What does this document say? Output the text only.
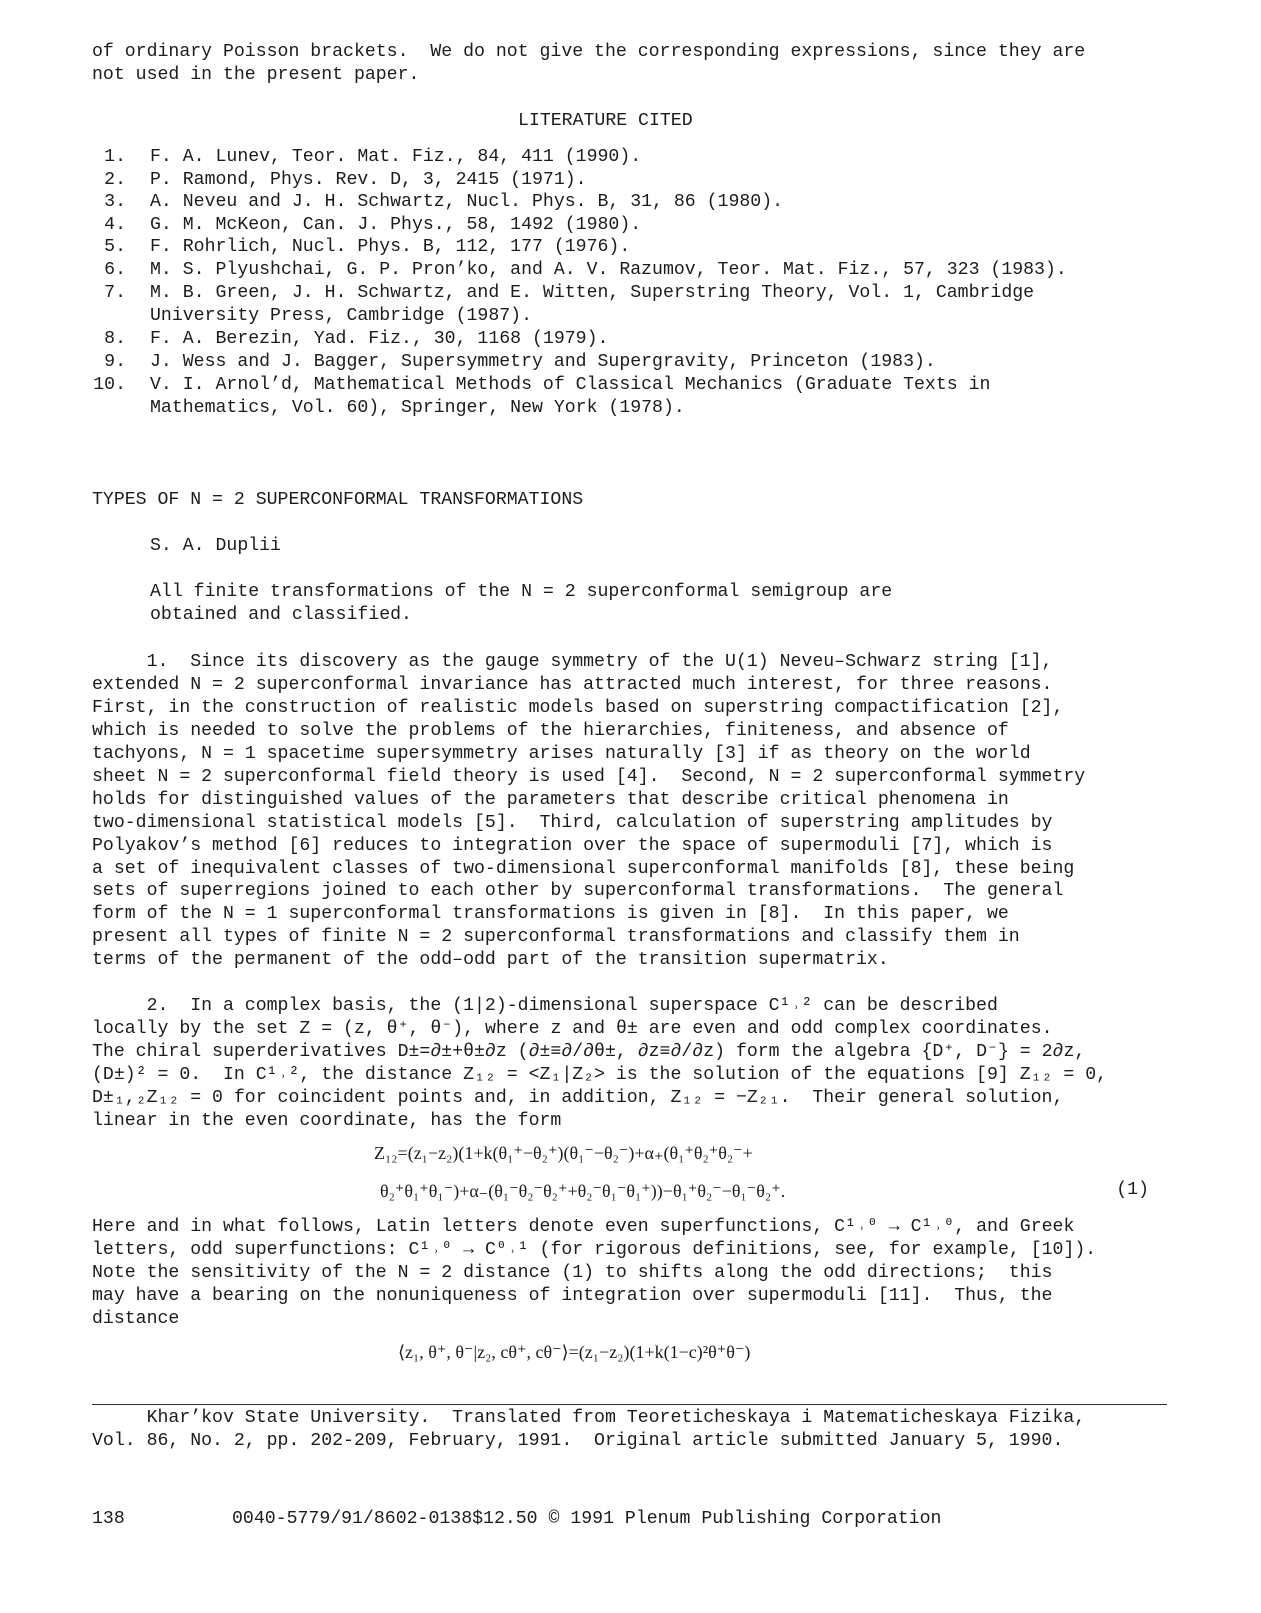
of ordinary Poisson brackets.  We do not give the corresponding expressions, since they are
not used in the present paper.
LITERATURE CITED
1. F. A. Lunev, Teor. Mat. Fiz., 84, 411 (1990).
2. P. Ramond, Phys. Rev. D, 3, 2415 (1971).
3. A. Neveu and J. H. Schwartz, Nucl. Phys. B, 31, 86 (1980).
4. G. M. McKeon, Can. J. Phys., 58, 1492 (1980).
5. F. Rohrlich, Nucl. Phys. B, 112, 177 (1976).
6. M. S. Plyushchai, G. P. Pron’ko, and A. V. Razumov, Teor. Mat. Fiz., 57, 323 (1983).
7. M. B. Green, J. H. Schwartz, and E. Witten, Superstring Theory, Vol. 1, Cambridge
University Press, Cambridge (1987).
8. F. A. Berezin, Yad. Fiz., 30, 1168 (1979).
9. J. Wess and J. Bagger, Supersymmetry and Supergravity, Princeton (1983).
10. V. I. Arnol’d, Mathematical Methods of Classical Mechanics (Graduate Texts in
Mathematics, Vol. 60), Springer, New York (1978).
TYPES OF N = 2 SUPERCONFORMAL TRANSFORMATIONS
S. A. Duplii
All finite transformations of the N = 2 superconformal semigroup are
obtained and classified.
1.  Since its discovery as the gauge symmetry of the U(1) Neveu–Schwarz string [1],
extended N = 2 superconformal invariance has attracted much interest, for three reasons.
First, in the construction of realistic models based on superstring compactification [2],
which is needed to solve the problems of the hierarchies, finiteness, and absence of
tachyons, N = 1 spacetime supersymmetry arises naturally [3] if as theory on the world
sheet N = 2 superconformal field theory is used [4].  Second, N = 2 superconformal symmetry
holds for distinguished values of the parameters that describe critical phenomena in
two-dimensional statistical models [5].  Third, calculation of superstring amplitudes by
Polyakov’s method [6] reduces to integration over the space of supermoduli [7], which is
a set of inequivalent classes of two-dimensional superconformal manifolds [8], these being
sets of superregions joined to each other by superconformal transformations.  The general
form of the N = 1 superconformal transformations is given in [8].  In this paper, we
present all types of finite N = 2 superconformal transformations and classify them in
terms of the permanent of the odd–odd part of the transition supermatrix.
2.  In a complex basis, the (1|2)-dimensional superspace C¹˒² can be described
locally by the set Z = (z, θ⁺, θ⁻), where z and θ± are even and odd complex coordinates.
The chiral superderivatives D±=∂±+θ±∂z (∂±≡∂/∂θ±, ∂z≡∂/∂z) form the algebra {D⁺, D⁻} = 2∂z,
(D±)² = 0.  In C¹˒², the distance Z₁₂ = <Z₁|Z₂> is the solution of the equations [9] Z₁₂ = 0,
D±₁,₂Z₁₂ = 0 for coincident points and, in addition, Z₁₂ = −Z₂₁.  Their general solution,
linear in the even coordinate, has the form
Z₁₂=(z₁−z₂)(1+k(θ₁⁺−θ₂⁺)(θ₁⁻−θ₂⁻)+α₊(θ₁⁺θ₂⁺θ₂⁻+
θ₂⁺θ₁⁺θ₁⁻)+α₋(θ₁⁻θ₂⁻θ₂⁺+θ₂⁻θ₁⁻θ₁⁺))−θ₁⁺θ₂⁻−θ₁⁻θ₂⁺.	(1)
Here and in what follows, Latin letters denote even superfunctions, C¹˒⁰ → C¹˒⁰, and Greek
letters, odd superfunctions: C¹˒⁰ → C⁰˒¹ (for rigorous definitions, see, for example, [10]).
Note the sensitivity of the N = 2 distance (1) to shifts along the odd directions;  this
may have a bearing on the nonuniqueness of integration over supermoduli [11].  Thus, the
distance
⟨z₁, θ⁺, θ⁻|z₂, cθ⁺, cθ⁻⟩=(z₁−z₂)(1+k(1−c)²θ⁺θ⁻)
Khar’kov State University.  Translated from Teoreticheskaya i Matematicheskaya Fizika,
Vol. 86, No. 2, pp. 202-209, February, 1991.  Original article submitted January 5, 1990.
138	0040-5779/91/8602-0138$12.50 © 1991 Plenum Publishing Corporation
